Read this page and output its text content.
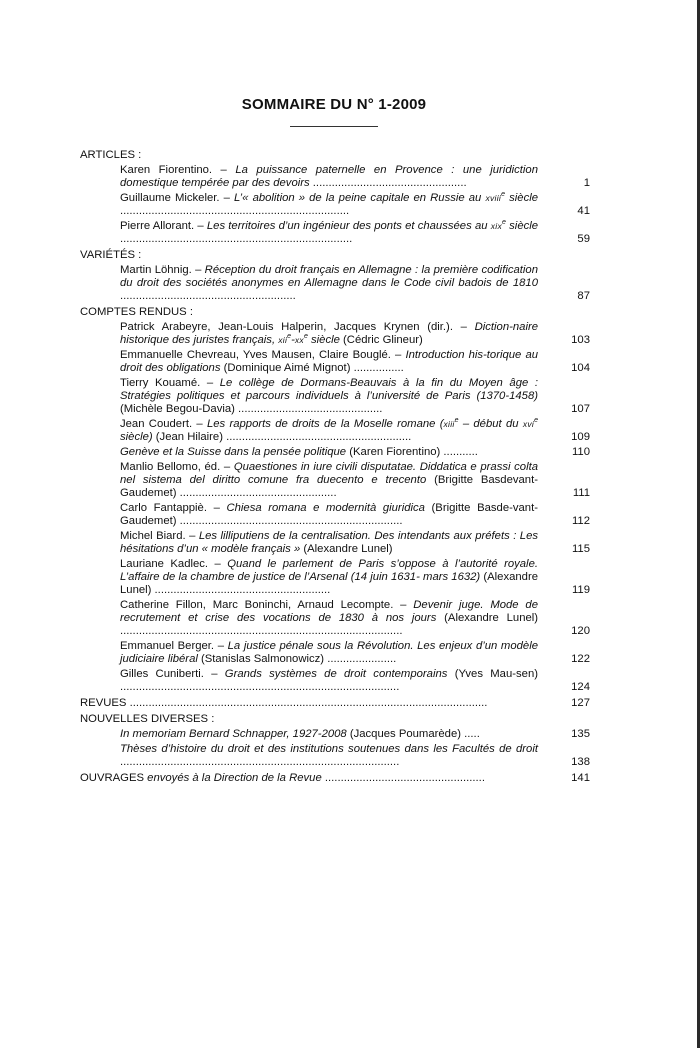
SOMMAIRE DU N° 1-2009
ARTICLES :
Karen Fiorentino. – La puissance paternelle en Provence : une juridiction domestique tempérée par des devoirs .................................................	1
Guillaume Mickeler. – L’« abolition » de la peine capitale en Russie au xviii$^e$ siècle .........................................................................	41
Pierre Allorant. – Les territoires d’un ingénieur des ponts et chaussées au xix$^e$ siècle ..........................................................................	59
VARIÉTÉS :
Martin Löhnig. – Réception du droit français en Allemagne : la première codification du droit des sociétés anonymes en Allemagne dans le Code civil badois de 1810 ........................................................	87
COMPTES RENDUS :
Patrick Arabeyre, Jean-Louis Halperin, Jacques Krynen (dir.). – Diction-naire historique des juristes français, $xii^e-xx^e$ siècle (Cédric Glineur)	103
Emmanuelle Chevreau, Yves Mausen, Claire Bouglé. – Introduction his-torique au droit des obligations (Dominique Aimé Mignot) ................	104
Tierry Kouamé. – Le collège de Dormans-Beauvais à la fin du Moyen âge : Stratégies politiques et parcours individuels à l’université de Paris (1370-1458) (Michèle Begou-Davia) ..............................................	107
Jean Coudert. – Les rapports de droits de la Moselle romane (xiii$^e$ – début du xvi$^e$ siècle) (Jean Hilaire) ...........................................................	109
Genève et la Suisse dans la pensée politique (Karen Fiorentino) ...........	110
Manlio Bellomo, éd. – Quaestiones in iure civili disputatae. Diddatica e prassi colta nel sistema del diritto comune fra duecento e trecento (Brigitte Basdevant-Gaudemet) ..................................................	111
Carlo Fantappiè. – Chiesa romana e modernità giuridica (Brigitte Basde-vant-Gaudemet) .......................................................................	112
Michel Biard. – Les lilliputiens de la centralisation. Des intendants aux préfets : Les hésitations d’un « modèle français » (Alexandre Lunel)	115
Lauriane Kadlec. – Quand le parlement de Paris s’oppose à l’autorité royale. L’affaire de la chambre de justice de l’Arsenal (14 juin 1631- mars 1632) (Alexandre Lunel) ........................................................	119
Catherine Fillon, Marc Boninchi, Arnaud Lecompte. – Devenir juge. Mode de recrutement et crise des vocations de 1830 à nos jours (Alexandre Lunel) ..........................................................................................	120
Emmanuel Berger. – La justice pénale sous la Révolution. Les enjeux d’un modèle judiciaire libéral (Stanislas Salmonowicz) ......................	122
Gilles Cuniberti. – Grands systèmes de droit contemporains (Yves Mau-sen) .........................................................................................	124
REVUES ..................................................................................................................	127
NOUVELLES DIVERSES :
In memoriam Bernard Schnapper, 1927-2008 (Jacques Poumarède) .....	135
Thèses d’histoire du droit et des institutions soutenues dans les Facultés de droit .........................................................................................	138
OUVRAGES envoyés à la Direction de la Revue ...................................................	141
